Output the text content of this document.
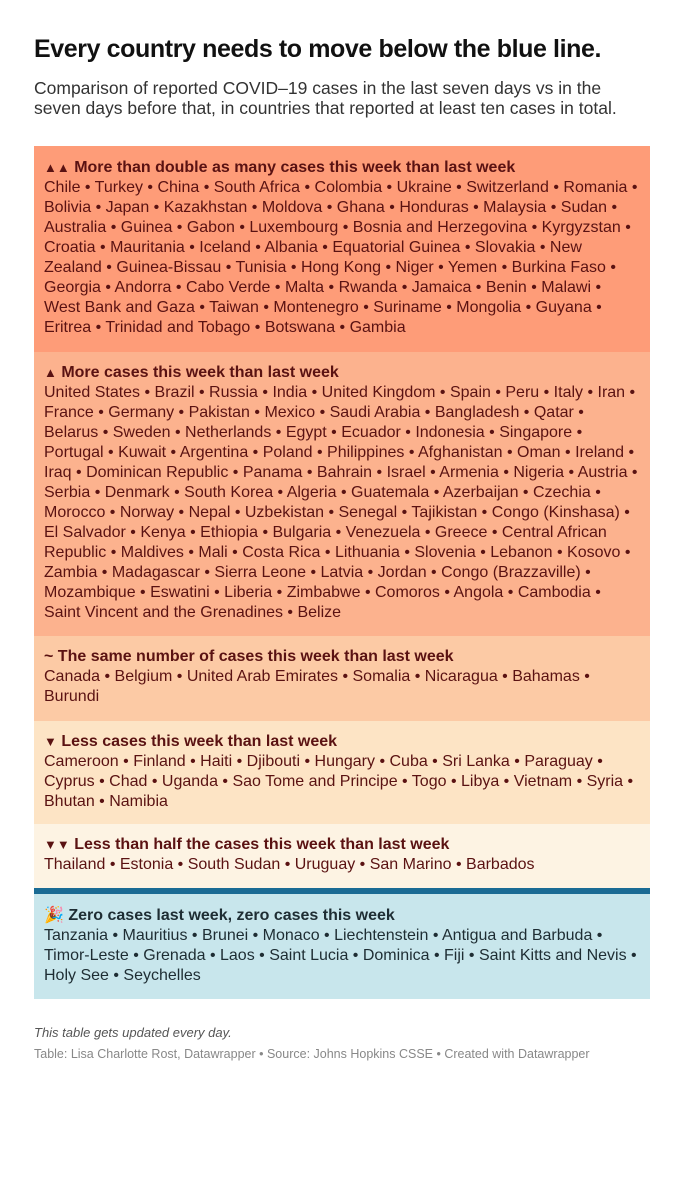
Every country needs to move below the blue line.
Comparison of reported COVID–19 cases in the last seven days vs in the seven days before that, in countries that reported at least ten cases in total.
▲▲ More than double as many cases this week than last week
Chile • Turkey • China • South Africa • Colombia • Ukraine • Switzerland • Romania • Bolivia • Japan • Kazakhstan • Moldova • Ghana • Honduras • Malaysia • Sudan • Australia • Guinea • Gabon • Luxembourg • Bosnia and Herzegovina • Kyrgyzstan • Croatia • Mauritania • Iceland • Albania • Equatorial Guinea • Slovakia • New Zealand • Guinea-Bissau • Tunisia • Hong Kong • Niger • Yemen • Burkina Faso • Georgia • Andorra • Cabo Verde • Malta • Rwanda • Jamaica • Benin • Malawi • West Bank and Gaza • Taiwan • Montenegro • Suriname • Mongolia • Guyana • Eritrea • Trinidad and Tobago • Botswana • Gambia
▲ More cases this week than last week
United States • Brazil • Russia • India • United Kingdom • Spain • Peru • Italy • Iran • France • Germany • Pakistan • Mexico • Saudi Arabia • Bangladesh • Qatar • Belarus • Sweden • Netherlands • Egypt • Ecuador • Indonesia • Singapore • Portugal • Kuwait • Argentina • Poland • Philippines • Afghanistan • Oman • Ireland • Iraq • Dominican Republic • Panama • Bahrain • Israel • Armenia • Nigeria • Austria • Serbia • Denmark • South Korea • Algeria • Guatemala • Azerbaijan • Czechia • Morocco • Norway • Nepal • Uzbekistan • Senegal • Tajikistan • Congo (Kinshasa) • El Salvador • Kenya • Ethiopia • Bulgaria • Venezuela • Greece • Central African Republic • Maldives • Mali • Costa Rica • Lithuania • Slovenia • Lebanon • Kosovo • Zambia • Madagascar • Sierra Leone • Latvia • Jordan • Congo (Brazzaville) • Mozambique • Eswatini • Liberia • Zimbabwe • Comoros • Angola • Cambodia • Saint Vincent and the Grenadines • Belize
~ The same number of cases this week than last week
Canada • Belgium • United Arab Emirates • Somalia • Nicaragua • Bahamas • Burundi
▼ Less cases this week than last week
Cameroon • Finland • Haiti • Djibouti • Hungary • Cuba • Sri Lanka • Paraguay • Cyprus • Chad • Uganda • Sao Tome and Principe • Togo • Libya • Vietnam • Syria • Bhutan • Namibia
▼▼ Less than half the cases this week than last week
Thailand • Estonia • South Sudan • Uruguay • San Marino • Barbados
🎉 Zero cases last week, zero cases this week
Tanzania • Mauritius • Brunei • Monaco • Liechtenstein • Antigua and Barbuda • Timor-Leste • Grenada • Laos • Saint Lucia • Dominica • Fiji • Saint Kitts and Nevis • Holy See • Seychelles
This table gets updated every day.
Table: Lisa Charlotte Rost, Datawrapper • Source: Johns Hopkins CSSE • Created with Datawrapper
